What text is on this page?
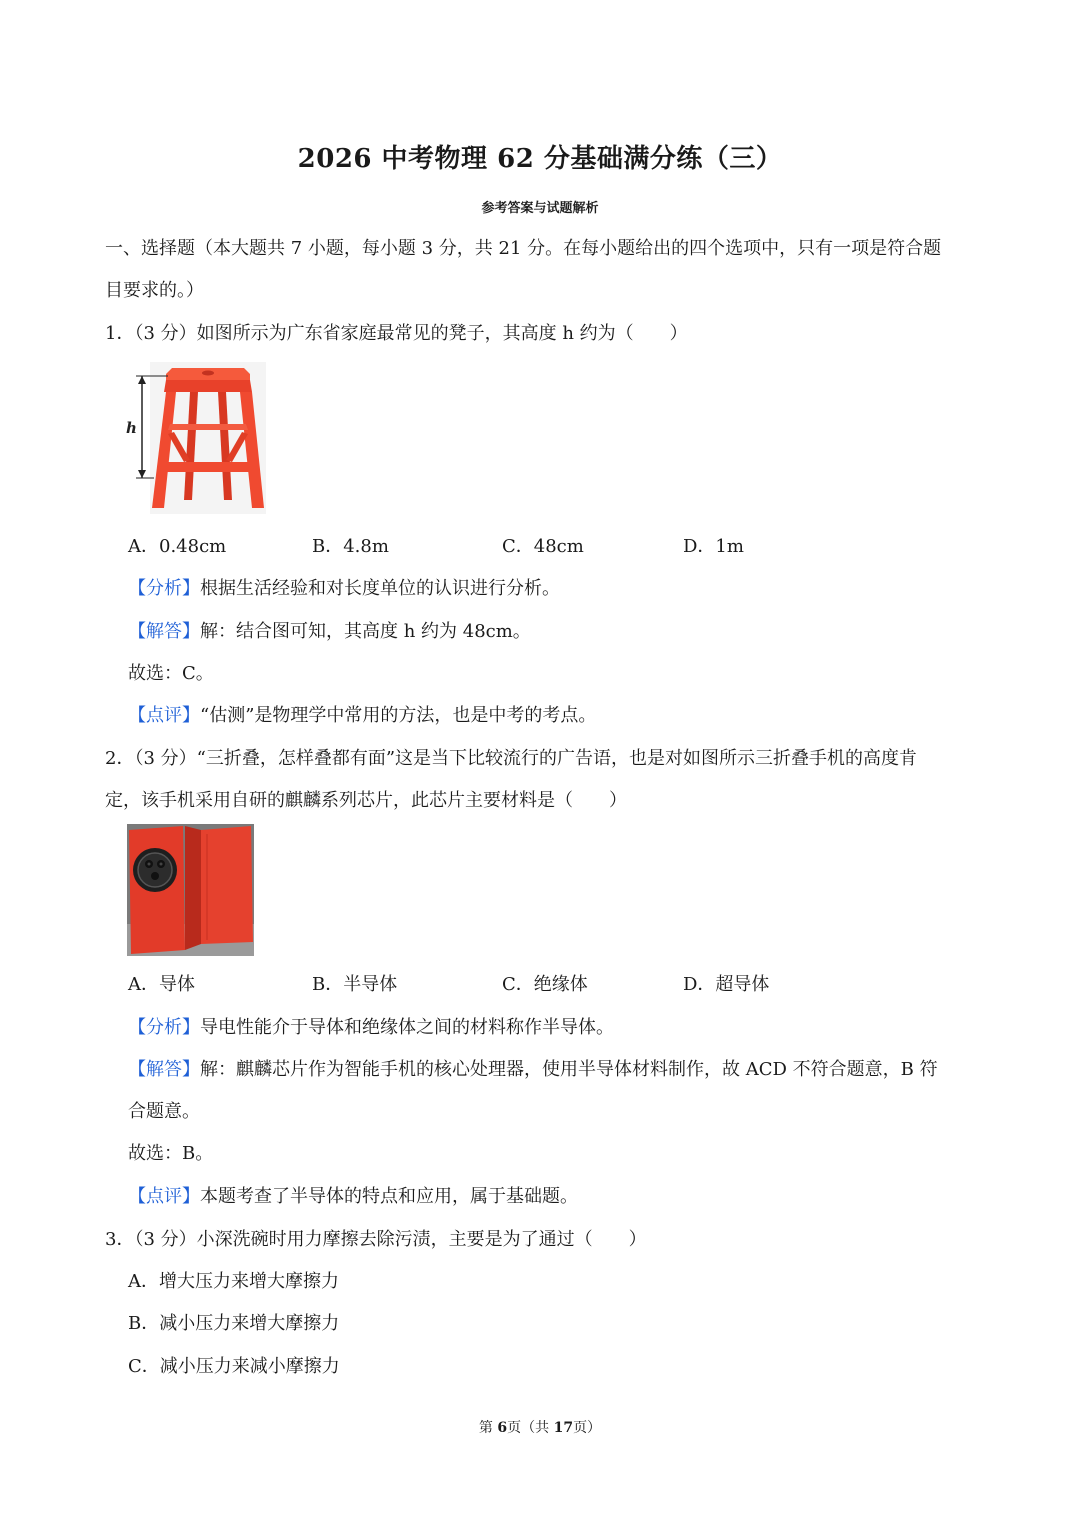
2026 中考物理 62 分基础满分练（三）
参考答案与试题解析
一、选择题（本大题共 7 小题，每小题 3 分，共 21 分。在每小题给出的四个选项中，只有一项是符合题
目要求的。）
1．（3 分）如图所示为广东省家庭最常见的凳子，其高度 h 约为（　　）
h
A．0.48cm	B．4.8m	C．48cm	D．1m
【分析】根据生活经验和对长度单位的认识进行分析。
【解答】解：结合图可知，其高度 h 约为 48cm。
故选：C。
【点评】“估测”是物理学中常用的方法，也是中考的考点。
2．（3 分）“三折叠，怎样叠都有面”这是当下比较流行的广告语，也是对如图所示三折叠手机的高度肯
定，该手机采用自研的麒麟系列芯片，此芯片主要材料是（　　）
A．导体	B．半导体	C．绝缘体	D．超导体
【分析】导电性能介于导体和绝缘体之间的材料称作半导体。
【解答】解：麒麟芯片作为智能手机的核心处理器，使用半导体材料制作，故 ACD 不符合题意，B 符
合题意。
故选：B。
【点评】本题考查了半导体的特点和应用，属于基础题。
3．（3 分）小深洗碗时用力摩擦去除污渍，主要是为了通过（　　）
A．增大压力来增大摩擦力
B．减小压力来增大摩擦力
C．减小压力来减小摩擦力
第 6页（共 17页）
